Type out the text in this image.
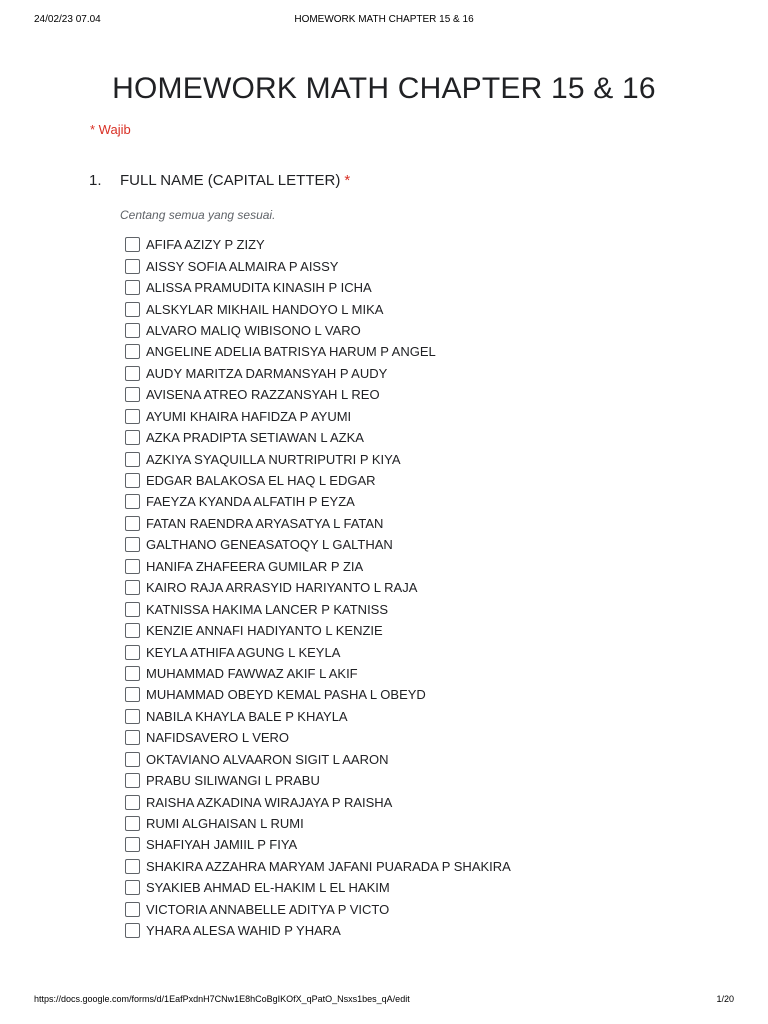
24/02/23 07.04	HOMEWORK MATH CHAPTER 15 & 16
HOMEWORK MATH CHAPTER 15 & 16
* Wajib
1. FULL NAME (CAPITAL LETTER) *
Centang semua yang sesuai.
AFIFA AZIZY P ZIZY
AISSY SOFIA ALMAIRA P AISSY
ALISSA PRAMUDITA KINASIH P ICHA
ALSKYLAR MIKHAIL HANDOYO L MIKA
ALVARO MALIQ WIBISONO L VARO
ANGELINE ADELIA BATRISYA HARUM P ANGEL
AUDY MARITZA DARMANSYAH P AUDY
AVISENA ATREO RAZZANSYAH L REO
AYUMI KHAIRA HAFIDZA P AYUMI
AZKA PRADIPTA SETIAWAN L AZKA
AZKIYA SYAQUILLA NURTRIPUTRI P KIYA
EDGAR BALAKOSA EL HAQ L EDGAR
FAEYZA KYANDA ALFATIH P EYZA
FATAN RAENDRA ARYASATYA L FATAN
GALTHANO GENEASATOQY L GALTHAN
HANIFA ZHAFEERA GUMILAR P ZIA
KAIRO RAJA ARRASYID HARIYANTO L RAJA
KATNISSA HAKIMA LANCER P KATNISS
KENZIE ANNAFI HADIYANTO L KENZIE
KEYLA ATHIFA AGUNG L KEYLA
MUHAMMAD FAWWAZ AKIF L AKIF
MUHAMMAD OBEYD KEMAL PASHA L OBEYD
NABILA KHAYLA BALE P KHAYLA
NAFIDSAVERO L VERO
OKTAVIANO ALVAARON SIGIT L AARON
PRABU SILIWANGI L PRABU
RAISHA AZKADINA WIRAJAYA P RAISHA
RUMI ALGHAISAN L RUMI
SHAFIYAH JAMIIL P FIYA
SHAKIRA AZZAHRA MARYAM JAFANI PUARADA P SHAKIRA
SYAKIEB AHMAD EL-HAKIM L EL HAKIM
VICTORIA ANNABELLE ADITYA P VICTO
YHARA ALESA WAHID P YHARA
https://docs.google.com/forms/d/1EafPxdnH7CNw1E8hCoBgIKOfX_qPatO_Nsxs1bes_qA/edit	1/20
